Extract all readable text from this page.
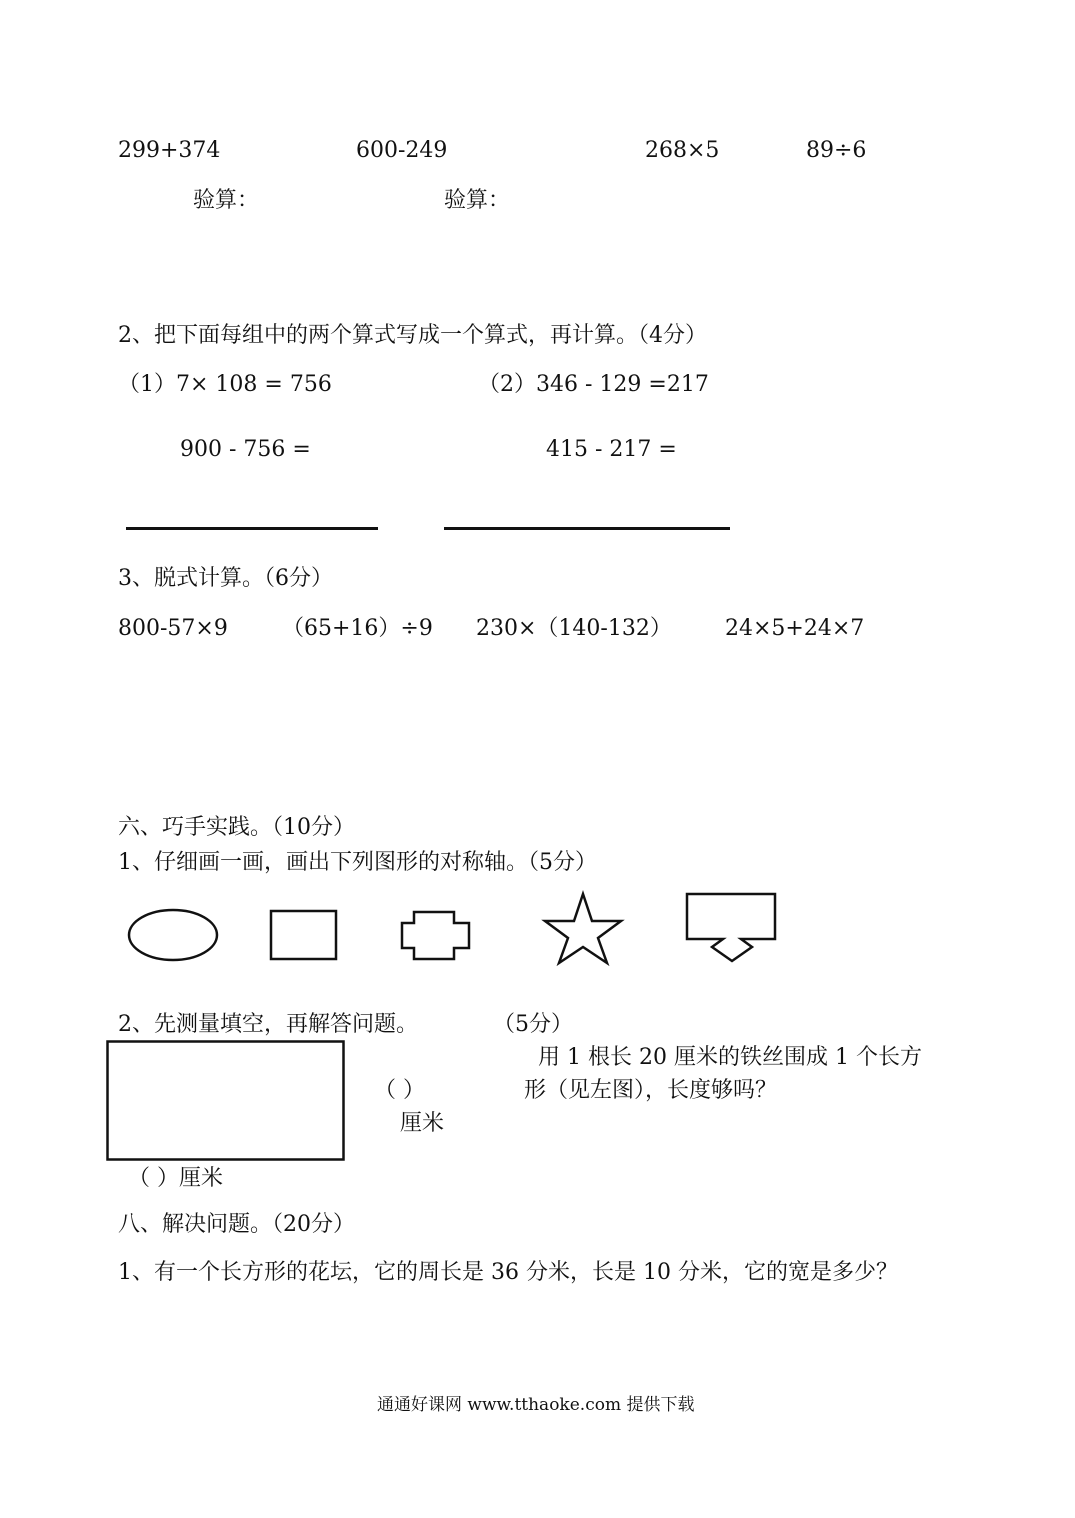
299+374	600-249	268×5	89÷6
验算：	验算：
2、把下面每组中的两个算式写成一个算式，再计算。（4分）
（1）7× 108 = 756	（2）346 - 129 =217
900 - 756 =	415 - 217 =
3、脱式计算。（6分）
800-57×9 （65+16）÷9 230×（140-132） 24×5+24×7
六、巧手实践。（10分）
1、仔细画一画，画出下列图形的对称轴。（5分）
2、先测量填空，再解答问题。	（5分）
（ ）
厘米
用 1 根长 20 厘米的铁丝围成 1 个长方
形（见左图），长度够吗？
（ ）厘米
八、解决问题。（20分）
1、有一个长方形的花坛，它的周长是 36 分米，长是 10 分米，它的宽是多少？
通通好课网 www.tthaoke.com 提供下载
